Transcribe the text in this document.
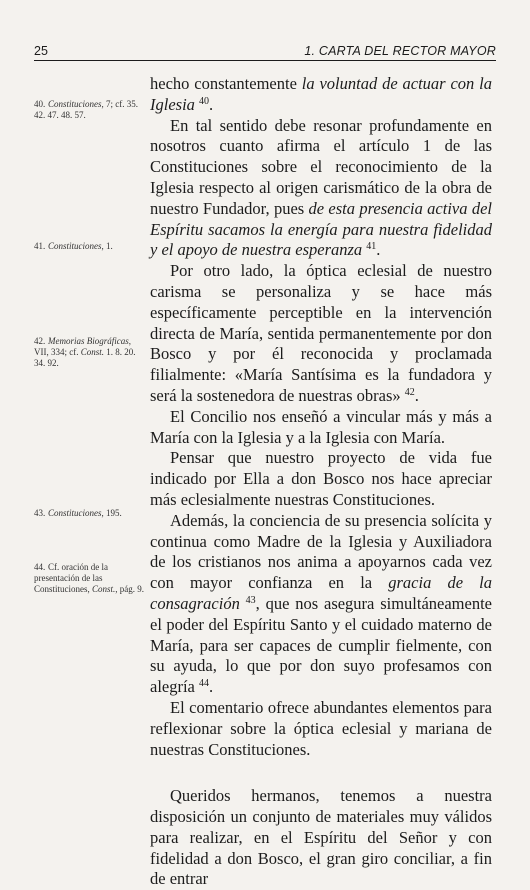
25	1. CARTA DEL RECTOR MAYOR
40. Constituciones, 7; cf. 35. 42. 47. 48. 57.
41. Constituciones, 1.
42. Memorias Biográficas, VII, 334; cf. Const. 1. 8. 20. 34. 92.
43. Constituciones, 195.
44. Cf. oración de la presentación de las Constituciones, Const., pág. 9.

hecho constantemente la voluntad de actuar con la Iglesia $^{40}$.

En tal sentido debe resonar profundamente en nosotros cuanto afirma el artículo 1 de las Constituciones sobre el reconocimiento de la Iglesia respecto al origen carismático de la obra de nuestro Fundador, pues de esta presencia activa del Espíritu sacamos la energía para nuestra fidelidad y el apoyo de nuestra esperanza $^{41}$.

Por otro lado, la óptica eclesial de nuestro carisma se personaliza y se hace más específicamente perceptible en la intervención directa de María, sentida permanentemente por don Bosco y por él reconocida y proclamada filialmente: «María Santísima es la fundadora y será la sostenedora de nuestras obras» $^{42}$.

El Concilio nos enseñó a vincular más y más a María con la Iglesia y a la Iglesia con María.

Pensar que nuestro proyecto de vida fue indicado por Ella a don Bosco nos hace apreciar más eclesialmente nuestras Constituciones.

Además, la conciencia de su presencia solícita y continua como Madre de la Iglesia y Auxiliadora de los cristianos nos anima a apoyarnos cada vez con mayor confianza en la gracia de la consagración $^{43}$, que nos asegura simultáneamente el poder del Espíritu Santo y el cuidado materno de María, para ser capaces de cumplir fielmente, con su ayuda, lo que por don suyo profesamos con alegría $^{44}$.

El comentario ofrece abundantes elementos para reflexionar sobre la óptica eclesial y mariana de nuestras Constituciones.

Queridos hermanos, tenemos a nuestra disposición un conjunto de materiales muy válidos para realizar, en el Espíritu del Señor y con fidelidad a don Bosco, el gran giro conciliar, a fin de entrar
